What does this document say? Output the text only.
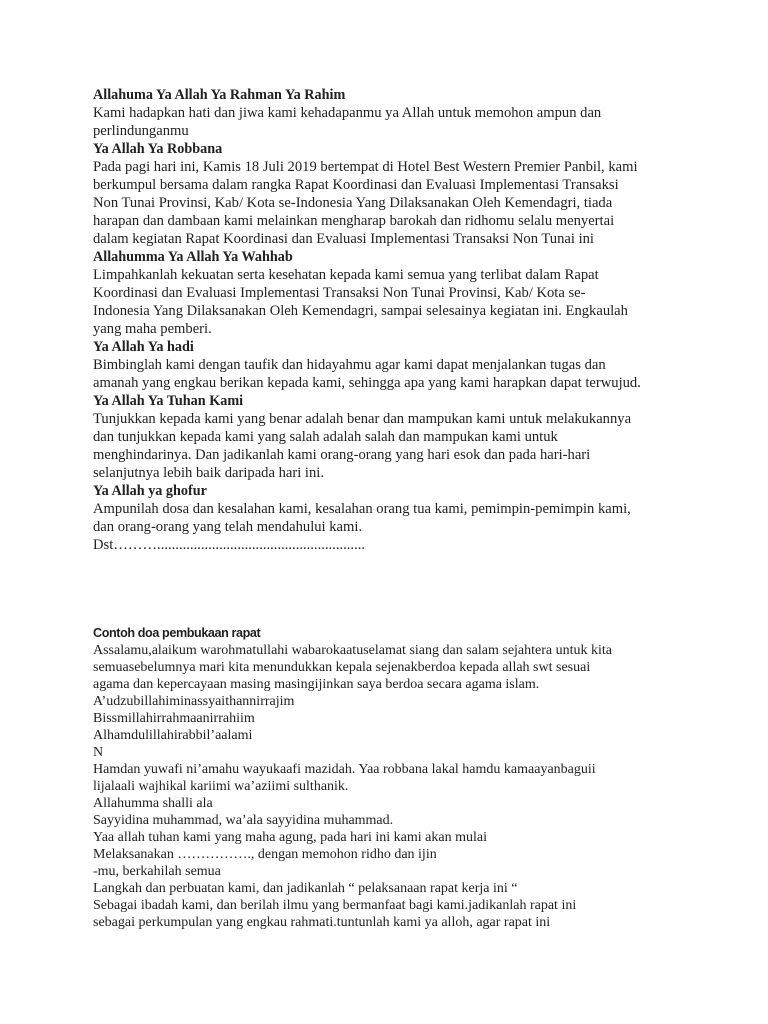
Allahuma Ya Allah Ya Rahman Ya Rahim

Kami hadapkan hati dan jiwa kami kehadapanmu ya Allah untuk memohon ampun dan
perlindunganmu

Ya Allah Ya Robbana

Pada pagi hari ini, Kamis 18 Juli 2019 bertempat di Hotel Best Western Premier Panbil, kami
berkumpul bersama dalam rangka Rapat Koordinasi dan Evaluasi Implementasi Transaksi
Non Tunai Provinsi, Kab/ Kota se-Indonesia Yang Dilaksanakan Oleh Kemendagri, tiada
harapan dan dambaan kami melainkan mengharap barokah dan ridhomu selalu menyertai
dalam kegiatan Rapat Koordinasi dan Evaluasi Implementasi Transaksi Non Tunai ini

Allahumma Ya Allah Ya Wahhab

Limpahkanlah kekuatan serta kesehatan kepada kami semua yang terlibat dalam Rapat
Koordinasi dan Evaluasi Implementasi Transaksi Non Tunai Provinsi, Kab/ Kota se-
Indonesia Yang Dilaksanakan Oleh Kemendagri, sampai selesainya kegiatan ini. Engkaulah
yang maha pemberi.

Ya Allah Ya hadi

Bimbinglah kami dengan taufik dan hidayahmu agar kami dapat menjalankan tugas dan
amanah yang engkau berikan kepada kami, sehingga apa yang kami harapkan dapat terwujud.

Ya Allah Ya Tuhan Kami

Tunjukkan kepada kami yang benar adalah benar dan mampukan kami untuk melakukannya
dan tunjukkan kepada kami yang salah adalah salah dan mampukan kami untuk
menghindarinya. Dan jadikanlah kami orang-orang yang hari esok dan pada hari-hari
selanjutnya lebih baik daripada hari ini.

Ya Allah ya ghofur

Ampunilah dosa dan kesalahan kami, kesalahan orang tua kami, pemimpin-pemimpin kami,
dan orang-orang yang telah mendahului kami.

Dst……….........................................................

Contoh doa pembukaan rapat

Assalamu,alaikum warohmatullahi wabarokaatuselamat siang dan salam sejahtera untuk kita
semuasebelumnya mari kita menundukkan kepala sejenakberdoa kepada allah swt sesuai
agama dan kepercayaan masing masingijinkan saya berdoa secara agama islam.
A’udzubillahiminassyaithannirrajim
Bissmillahirrahmaanirrahiim
Alhamdulillahirabbil’aalami
N
Hamdan yuwafi ni’amahu wayukaafi mazidah. Yaa robbana lakal hamdu kamaayanbaguii
lijalaali wajhikal kariimi wa’aziimi sulthanik.
Allahumma shalli ala
Sayyidina muhammad, wa’ala sayyidina muhammad.
Yaa allah tuhan kami yang maha agung, pada hari ini kami akan mulai
Melaksanakan ……………., dengan memohon ridho dan ijin
-mu, berkahilah semua
Langkah dan perbuatan kami, dan jadikanlah “ pelaksanaan rapat kerja ini “
Sebagai ibadah kami, dan berilah ilmu yang bermanfaat bagi kami.jadikanlah rapat ini
sebagai perkumpulan yang engkau rahmati.tuntunlah kami ya alloh, agar rapat ini
